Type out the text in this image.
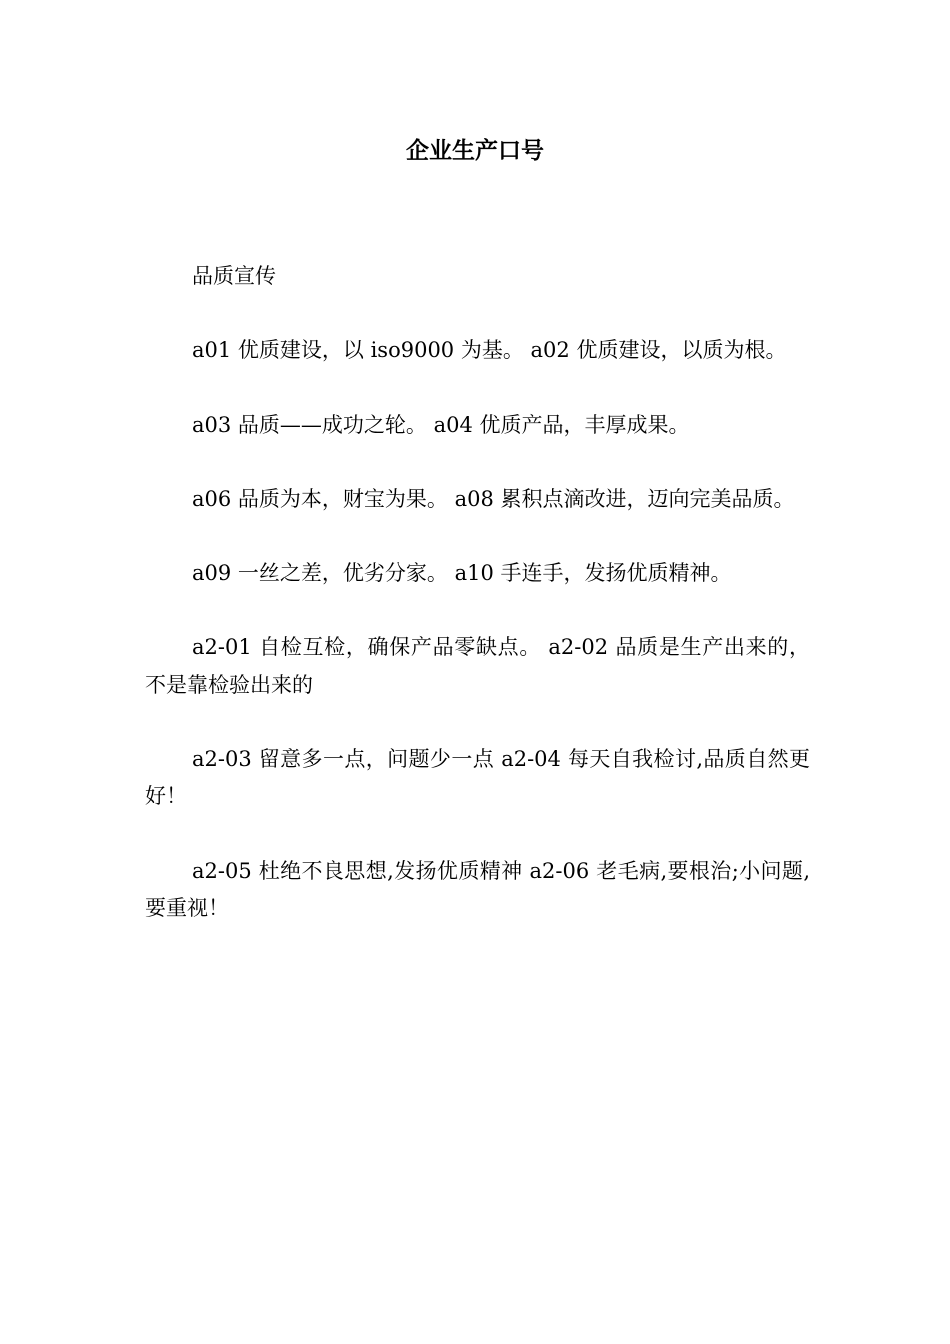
企业生产口号

品质宣传

a01 优质建设，以 iso9000 为基。 a02 优质建设，以质为根。

a03 品质——成功之轮。 a04 优质产品，丰厚成果。

a06 品质为本，财宝为果。 a08 累积点滴改进，迈向完美品质。

a09 一丝之差，优劣分家。 a10 手连手，发扬优质精神。

a2-01 自检互检，确保产品零缺点。 a2-02 品质是生产出来的，不是靠检验出来的

a2-03 留意多一点，问题少一点 a2-04 每天自我检讨,品质自然更好！

a2-05 杜绝不良思想,发扬优质精神 a2-06 老毛病,要根治;小问题,要重视！
